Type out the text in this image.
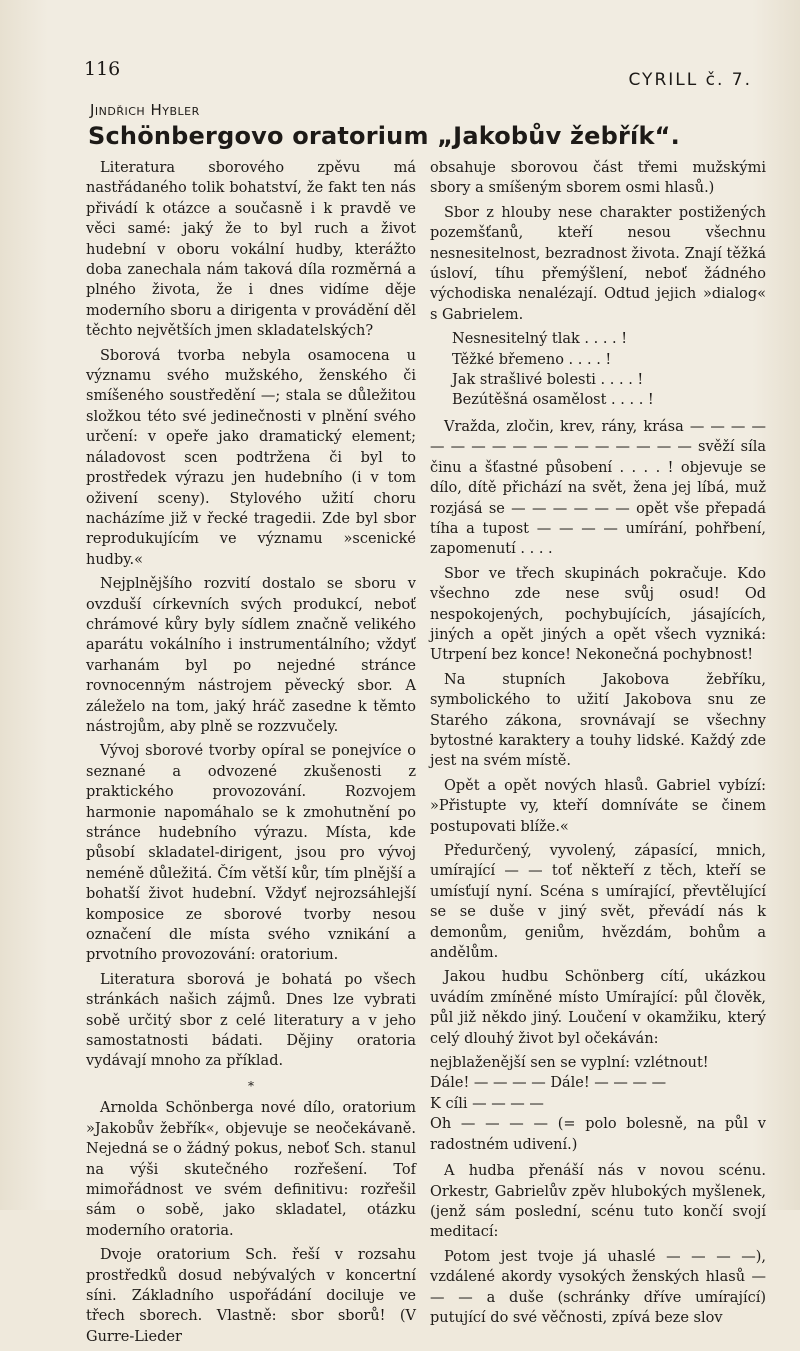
116	CYRILL č. 7.
Jindřich Hybler
Schönbergovo oratorium „Jakobův žebřík“.

Literatura sborového zpěvu má nastřádaného tolik bohatství, že fakt ten nás přivádí k otázce a současně i k pravdě ve věci samé: jaký že to byl ruch a život hudební v oboru vokální hudby, kterážto doba zanechala nám taková díla rozměrná a plného života, že i dnes vidíme děje moderního sboru a dirigenta v provádění děl těchto největších jmen skladatelských?

Sborová tvorba nebyla osamocena u významu svého mužského, ženského či smíšeného soustředění —; stala se důležitou složkou této své jedinečnosti v plnění svého určení: v opeře jako dramatický element; náladovost scen podtržena či byl to prostředek výrazu jen hudebního (i v tom oživení sceny). Stylového užití choru nacházíme již v řecké tragedii. Zde byl sbor reprodukujícím ve významu »scenické hudby.«

Nejplnějšího rozvití dostalo se sboru v ovzduší církevních svých produkcí, neboť chrámové kůry byly sídlem značně velikého aparátu vokálního i instrumentálního; vždyť varhanám byl po nejedné stránce rovnocenným nástrojem pěvecký sbor. A záleželo na tom, jaký hráč zasedne k těmto nástrojům, aby plně se rozzvučely.

Vývoj sborové tvorby opíral se ponejvíce o seznané a odvozené zkušenosti z praktického provozování. Rozvojem harmonie napomáhalo se k zmohutnění po stránce hudebního výrazu. Místa, kde působí skladatel-dirigent, jsou pro vývoj neméně důležitá. Čím větší kůr, tím plnější a bohatší život hudební. Vždyť nejrozsáhlejší komposice ze sborové tvorby nesou označení dle místa svého vznikání a prvotního provozování: oratorium.

Literatura sborová je bohatá po všech stránkách našich zájmů. Dnes lze vybrati sobě určitý sbor z celé literatury a v jeho samostatnosti bádati. Dějiny oratoria vydávají mnoho za příklad.

*

Arnolda Schönberga nové dílo, oratorium »Jakobův žebřík«, objevuje se neočekávaně. Nejedná se o žádný pokus, neboť Sch. stanul na výši skutečného rozřešení. Tof mimořádnost ve svém definitivu: rozřešil sám o sobě, jako skladatel, otázku moderního oratoria.

Dvoje oratorium Sch. řeší v rozsahu prostředků dosud nebývalých v koncertní síni. Základního uspořádání dociluje ve třech sborech. Vlastně: sbor sborů! (V Gurre-Lieder

obsahuje sborovou část třemi mužskými sbory a smíšeným sborem osmi hlasů.)

Sbor z hlouby nese charakter postižených pozemšťanů, kteří nesou všechnu nesnesitelnost, bezradnost života. Znají těžká úsloví, tíhu přemýšlení, neboť žádného východiska nenalézají. Odtud jejich »dialog« s Gabrielem.

Nesnesitelný tlak . . . . !
Těžké břemeno . . . . !
Jak strašlivé bolesti . . . . !
Bezútěšná osamělost . . . . !

Vražda, zločin, krev, rány, krása — — — — — — — — — — — — — — — — — svěží síla činu a šťastné působení . . . . ! objevuje se dílo, dítě přichází na svět, žena jej líbá, muž rozjásá se — — — — — — opět vše přepadá tíha a tupost — — — — umírání, pohřbení, zapomenutí . . . .

Sbor ve třech skupinách pokračuje. Kdo všechno zde nese svůj osud! Od nespokojených, pochybujících, jásajících, jiných a opět jiných a opět všech vyzniká: Utrpení bez konce! Nekonečná pochybnost!

Na stupních Jakobova žebříku, symbolického to užití Jakobova snu ze Starého zákona, srovnávají se všechny bytostné karaktery a touhy lidské. Každý zde jest na svém místě.

Opět a opět nových hlasů. Gabriel vybízí: »Přistupte vy, kteří domníváte se činem postupovati blíže.«

Předurčený, vyvolený, zápasící, mnich, umírající — — toť někteří z těch, kteří se umísťují nyní. Scéna s umírající, převtělující se se duše v jiný svět, převádí nás k demonům, geniům, hvězdám, bohům a andělům.

Jakou hudbu Schönberg cítí, ukázkou uvádím zmíněné místo Umírající: půl člověk, půl již někdo jiný. Loučení v okamžiku, který celý dlouhý život byl očekáván:

nejblaženější sen se vyplní: vzlétnout!
Dále! — — — — Dále! — — — —
K cíli — — — —
Oh — — — — (= polo bolesně, na půl v radostném udivení.)

A hudba přenáší nás v novou scénu. Orkestr, Gabrielův zpěv hlubokých myšlenek, (jenž sám poslední, scénu tuto končí svojí meditací:

Potom jest tvoje já uhaslé — — — —), vzdálené akordy vysokých ženských hlasů — — — a duše (schránky dříve umírající) putující do své věčnosti, zpívá beze slov
